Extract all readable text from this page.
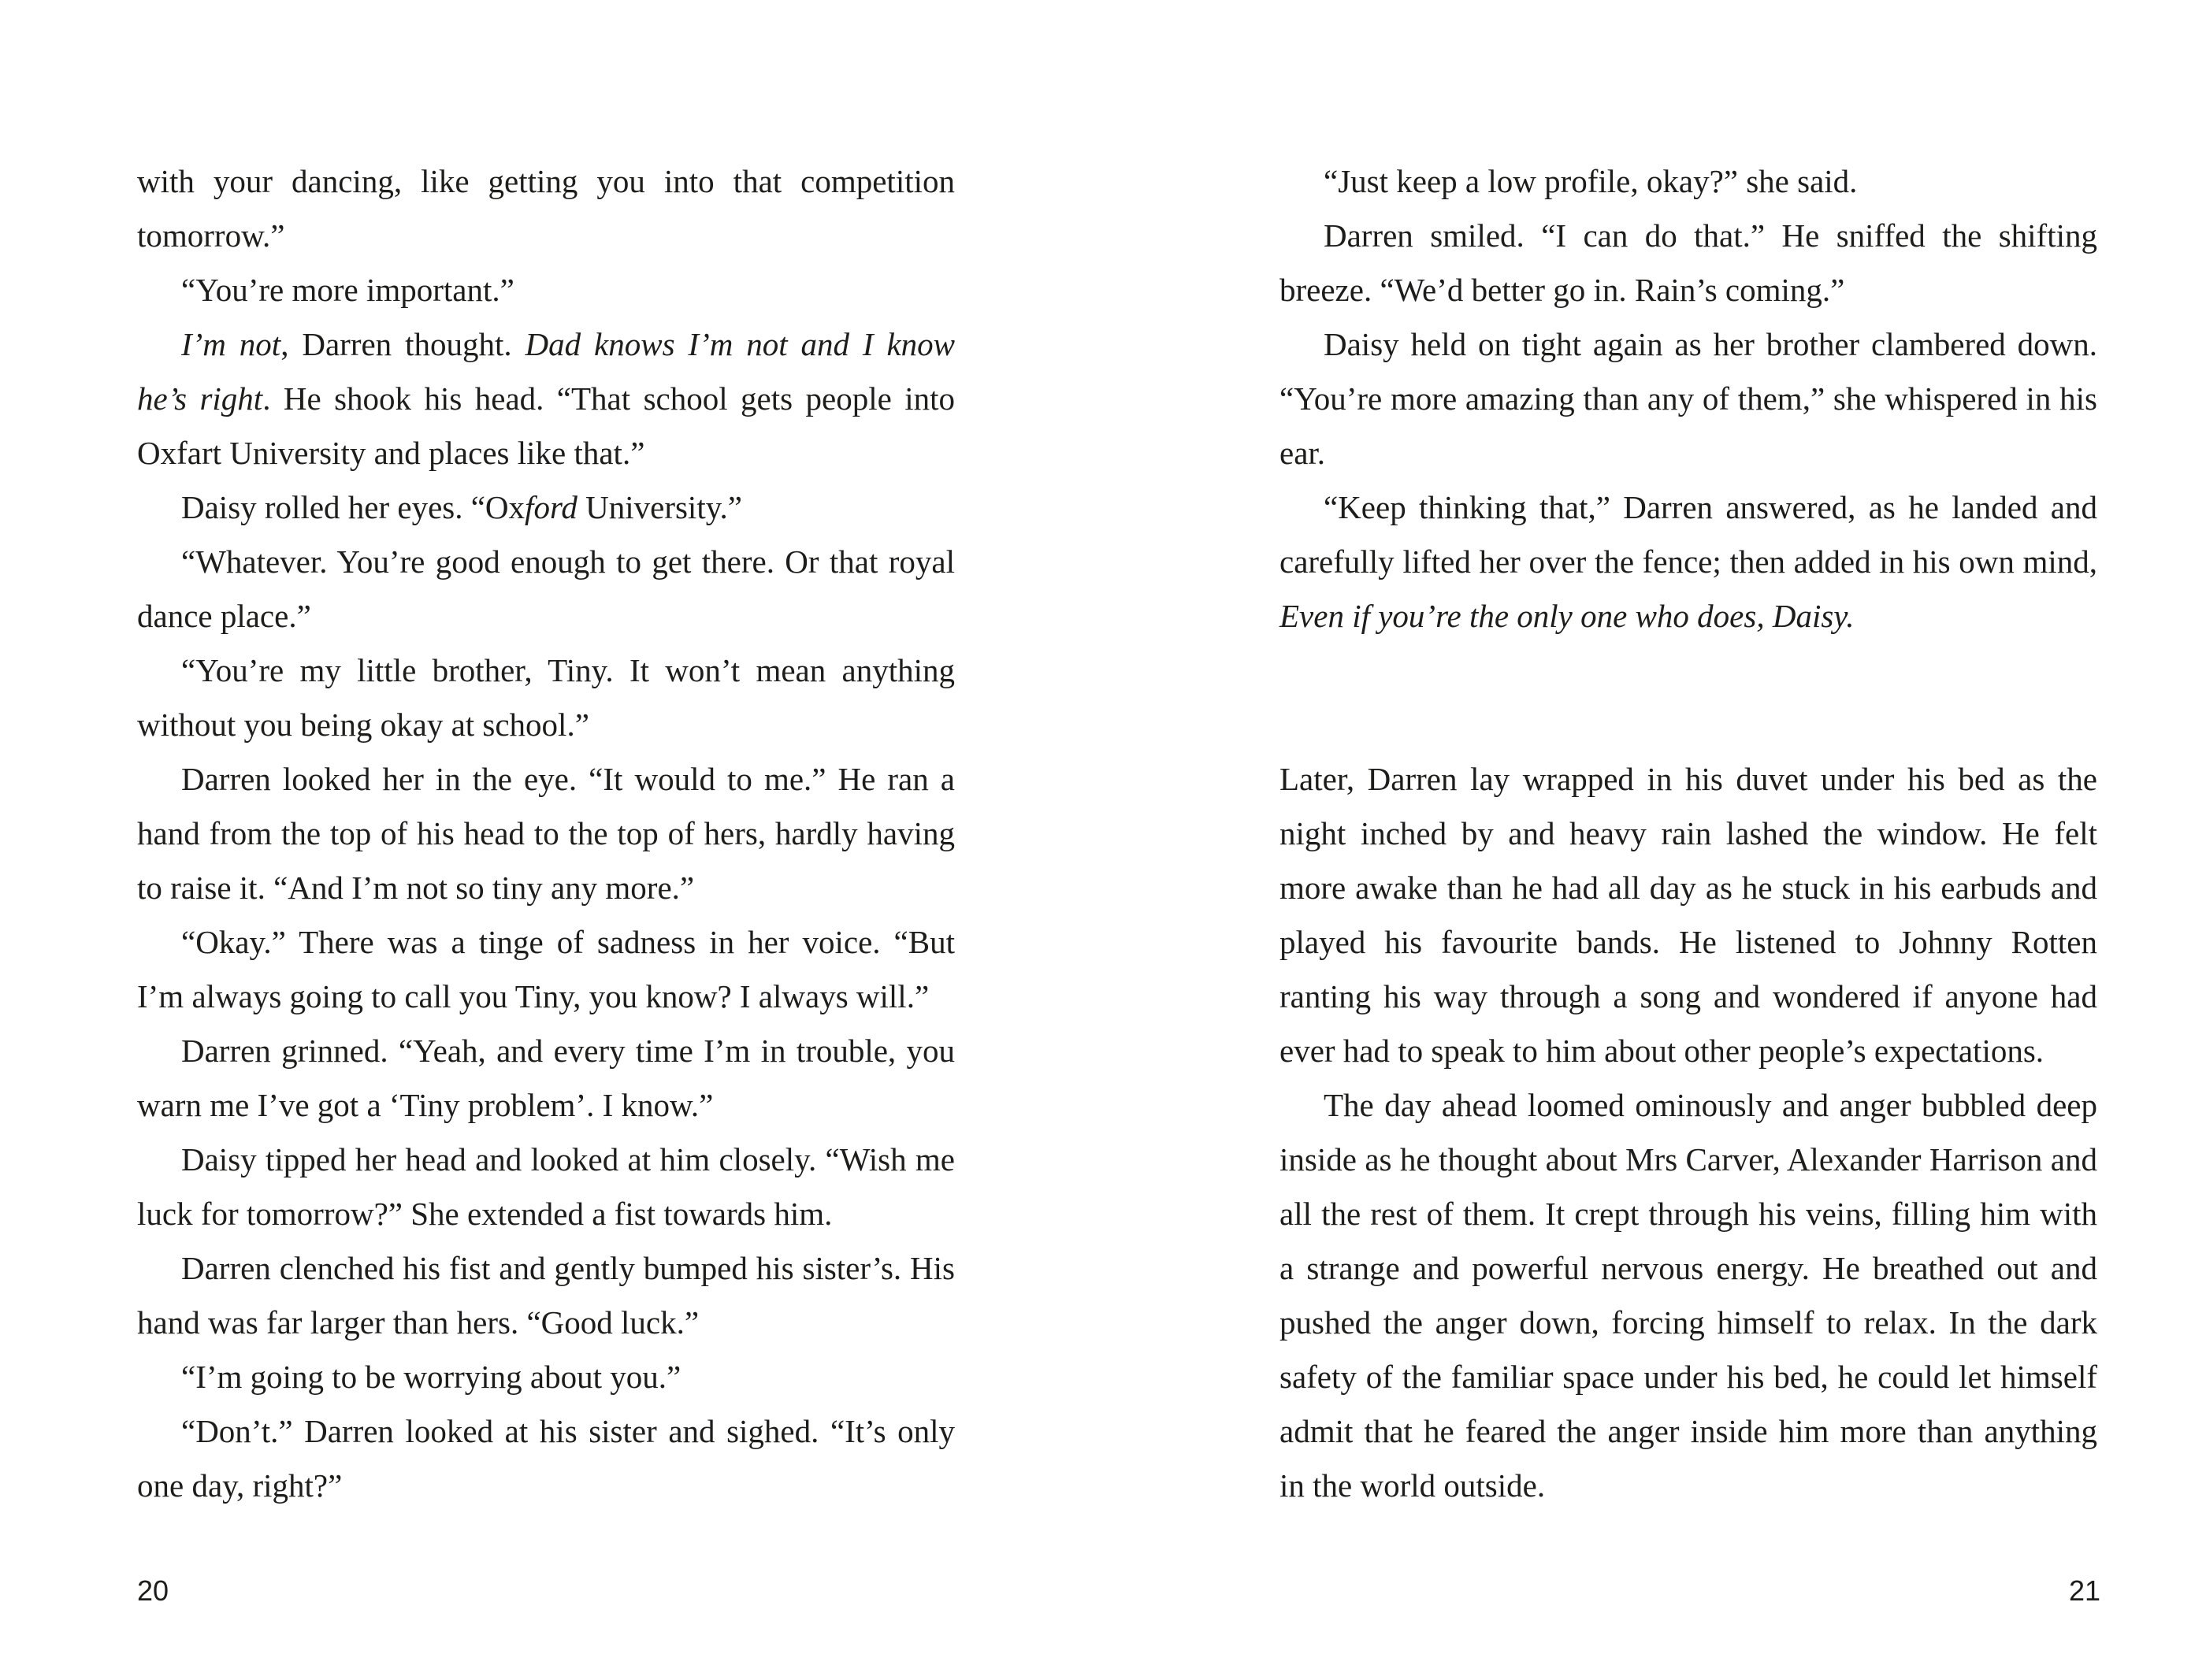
with your dancing, like getting you into that competition tomorrow.”

“You’re more important.”

I’m not, Darren thought. Dad knows I’m not and I know he’s right. He shook his head. “That school gets people into Oxfart University and places like that.”

Daisy rolled her eyes. “Oxford University.”

“Whatever. You’re good enough to get there. Or that royal dance place.”

“You’re my little brother, Tiny. It won’t mean anything without you being okay at school.”

Darren looked her in the eye. “It would to me.” He ran a hand from the top of his head to the top of hers, hardly having to raise it. “And I’m not so tiny any more.”

“Okay.” There was a tinge of sadness in her voice. “But I’m always going to call you Tiny, you know? I always will.”

Darren grinned. “Yeah, and every time I’m in trouble, you warn me I’ve got a ‘Tiny problem’. I know.”

Daisy tipped her head and looked at him closely. “Wish me luck for tomorrow?” She extended a fist towards him.

Darren clenched his fist and gently bumped his sister’s. His hand was far larger than hers. “Good luck.”

“I’m going to be worrying about you.”

“Don’t.” Darren looked at his sister and sighed. “It’s only one day, right?”

20

“Just keep a low profile, okay?” she said.

Darren smiled. “I can do that.” He sniffed the shifting breeze. “We’d better go in. Rain’s coming.”

Daisy held on tight again as her brother clambered down. “You’re more amazing than any of them,” she whispered in his ear.

“Keep thinking that,” Darren answered, as he landed and carefully lifted her over the fence; then added in his own mind, Even if you’re the only one who does, Daisy.

Later, Darren lay wrapped in his duvet under his bed as the night inched by and heavy rain lashed the window. He felt more awake than he had all day as he stuck in his earbuds and played his favourite bands. He listened to Johnny Rotten ranting his way through a song and wondered if anyone had ever had to speak to him about other people’s expectations.

The day ahead loomed ominously and anger bubbled deep inside as he thought about Mrs Carver, Alexander Harrison and all the rest of them. It crept through his veins, filling him with a strange and powerful nervous energy. He breathed out and pushed the anger down, forcing himself to relax. In the dark safety of the familiar space under his bed, he could let himself admit that he feared the anger inside him more than anything in the world outside.

21
